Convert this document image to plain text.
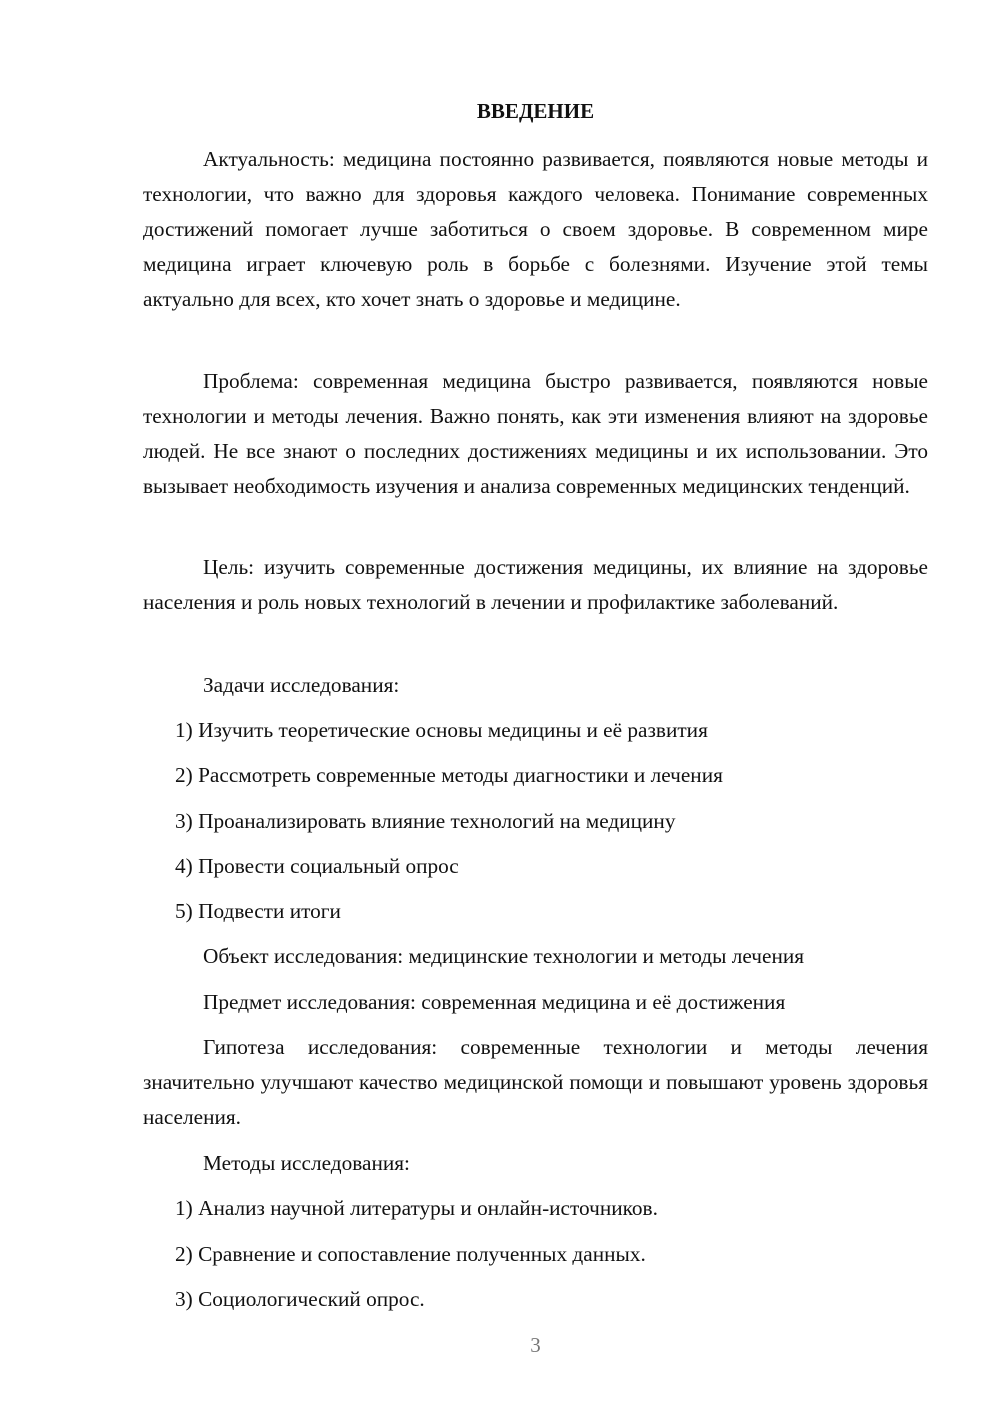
ВВЕДЕНИЕ
Актуальность: медицина постоянно развивается, появляются новые методы и технологии, что важно для здоровья каждого человека. Понимание современных достижений помогает лучше заботиться о своем здоровье. В современном мире медицина играет ключевую роль в борьбе с болезнями. Изучение этой темы актуально для всех, кто хочет знать о здоровье и медицине.
Проблема: современная медицина быстро развивается, появляются новые технологии и методы лечения. Важно понять, как эти изменения влияют на здоровье людей. Не все знают о последних достижениях медицины и их использовании. Это вызывает необходимость изучения и анализа современных медицинских тенденций.
Цель: изучить современные достижения медицины, их влияние на здоровье населения и роль новых технологий в лечении и профилактике заболеваний.
Задачи исследования:
1) Изучить теоретические основы медицины и её развития
2) Рассмотреть современные методы диагностики и лечения
3) Проанализировать влияние технологий на медицину
4) Провести социальный опрос
5) Подвести итоги
Объект исследования: медицинские технологии и методы лечения
Предмет исследования: современная медицина и её достижения
Гипотеза исследования: современные технологии и методы лечения значительно улучшают качество медицинской помощи и повышают уровень здоровья населения.
Методы исследования:
1) Анализ научной литературы и онлайн-источников.
2) Сравнение и сопоставление полученных данных.
3) Социологический опрос.
3
